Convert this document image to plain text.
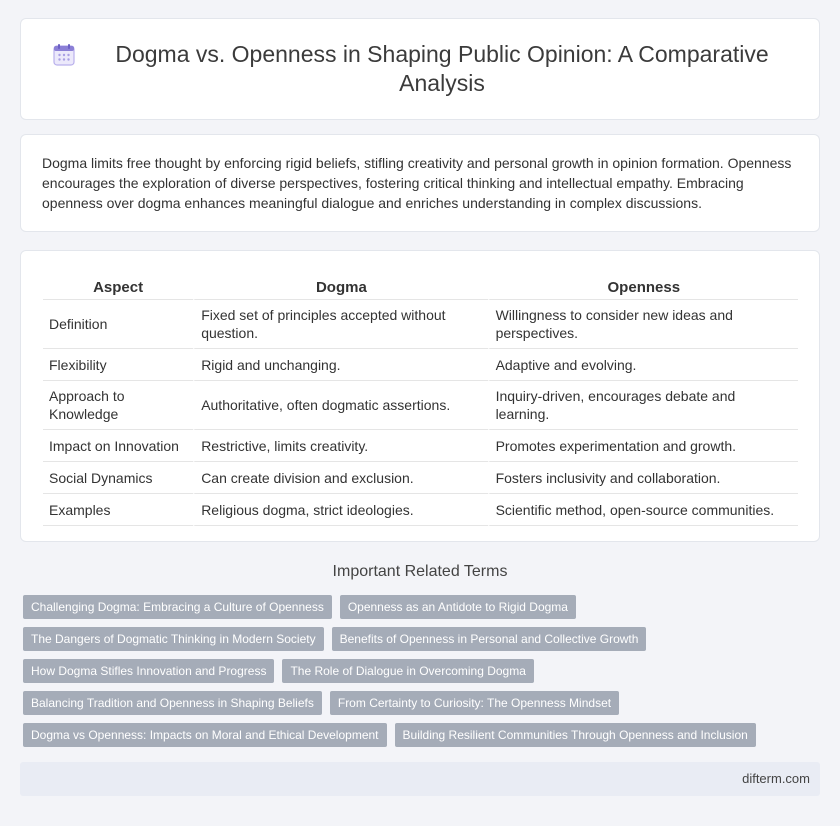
Dogma vs. Openness in Shaping Public Opinion: A Comparative Analysis

Dogma limits free thought by enforcing rigid beliefs, stifling creativity and personal growth in opinion formation. Openness encourages the exploration of diverse perspectives, fostering critical thinking and intellectual empathy. Embracing openness over dogma enhances meaningful dialogue and enriches understanding in complex discussions.

Aspect	Dogma	Openness
Definition	Fixed set of principles accepted without question.	Willingness to consider new ideas and perspectives.
Flexibility	Rigid and unchanging.	Adaptive and evolving.
Approach to Knowledge	Authoritative, often dogmatic assertions.	Inquiry-driven, encourages debate and learning.
Impact on Innovation	Restrictive, limits creativity.	Promotes experimentation and growth.
Social Dynamics	Can create division and exclusion.	Fosters inclusivity and collaboration.
Examples	Religious dogma, strict ideologies.	Scientific method, open-source communities.
Important Related Terms
Challenging Dogma: Embracing a Culture of Openness	Openness as an Antidote to Rigid Dogma
The Dangers of Dogmatic Thinking in Modern Society	Benefits of Openness in Personal and Collective Growth
How Dogma Stifles Innovation and Progress	The Role of Dialogue in Overcoming Dogma
Balancing Tradition and Openness in Shaping Beliefs	From Certainty to Curiosity: The Openness Mindset
Dogma vs Openness: Impacts on Moral and Ethical Development	Building Resilient Communities Through Openness and Inclusion
difterm.com
